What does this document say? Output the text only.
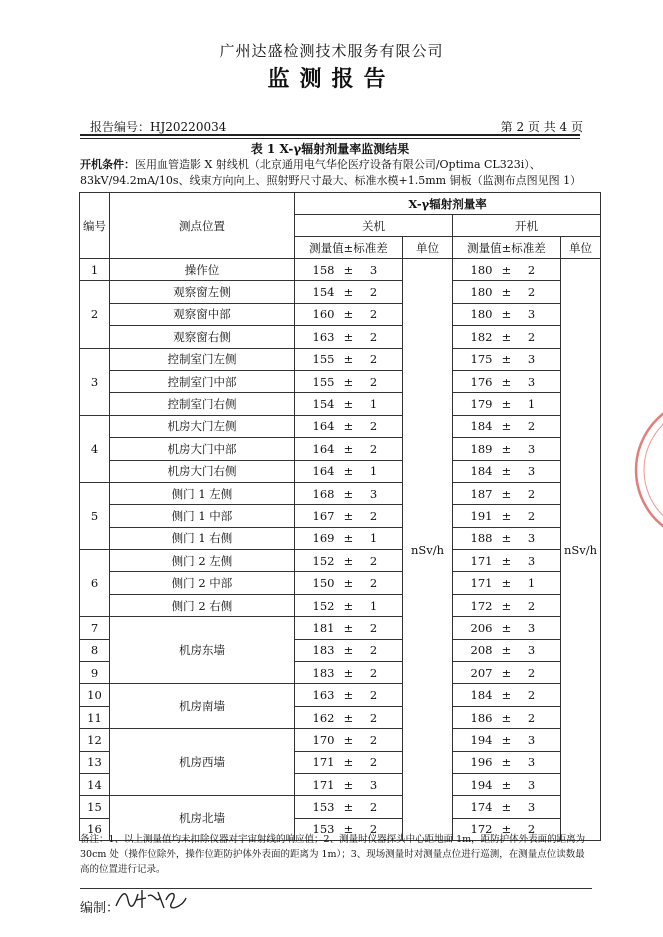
广州达盛检测技术服务有限公司
监测报告
报告编号：HJ20220034	第 2 页 共 4 页
表 1 X-γ辐射剂量率监测结果
开机条件：医用血管造影 X 射线机（北京通用电气华伦医疗设备有限公司/Optima CL323i）、83kV/94.2mA/10s、线束方向向上、照射野尺寸最大、标准水模+1.5mm 铜板（监测布点图见图 1）
编号	测点位置	X-γ辐射剂量率			
		关机		开机	
		测量值±标准差	单位	测量值±标准差	单位
1	操作位	158 ± 3	nSv/h	180 ± 2	nSv/h
2	观察窗左侧	154 ± 2		180 ± 2	
	观察窗中部	160 ± 2		180 ± 3	
	观察窗右侧	163 ± 2		182 ± 2	
3	控制室门左侧	155 ± 2		175 ± 3	
	控制室门中部	155 ± 2		176 ± 3	
	控制室门右侧	154 ± 1		179 ± 1	
4	机房大门左侧	164 ± 2		184 ± 2	
	机房大门中部	164 ± 2		189 ± 3	
	机房大门右侧	164 ± 1		184 ± 3	
5	侧门 1 左侧	168 ± 3		187 ± 2	
	侧门 1 中部	167 ± 2		191 ± 2	
	侧门 1 右侧	169 ± 1		188 ± 3	
6	侧门 2 左侧	152 ± 2		171 ± 3	
	侧门 2 中部	150 ± 2		171 ± 1	
	侧门 2 右侧	152 ± 1		172 ± 2	
7	机房东墙	181 ± 2		206 ± 3	
8		183 ± 2		208 ± 3	
9		183 ± 2		207 ± 2	
10	机房南墙	163 ± 2		184 ± 2	
11		162 ± 2		186 ± 2	
12	机房西墙	170 ± 2		194 ± 3	
13		171 ± 2		196 ± 3	
14		171 ± 3		194 ± 3	
15	机房北墙	153 ± 2		174 ± 3	
16		153 ± 2		172 ± 2	
备注：1、以上测量值均未扣除仪器对宇宙射线的响应值；2、测量时仪器探头中心距地面 1m，距防护体外表面的距离为 30cm 处（操作位除外，操作位距防护体外表面的距离为 1m）；3、现场测量时对测量点位进行巡测，在测量点位读数最高的位置进行记录。
编制：
